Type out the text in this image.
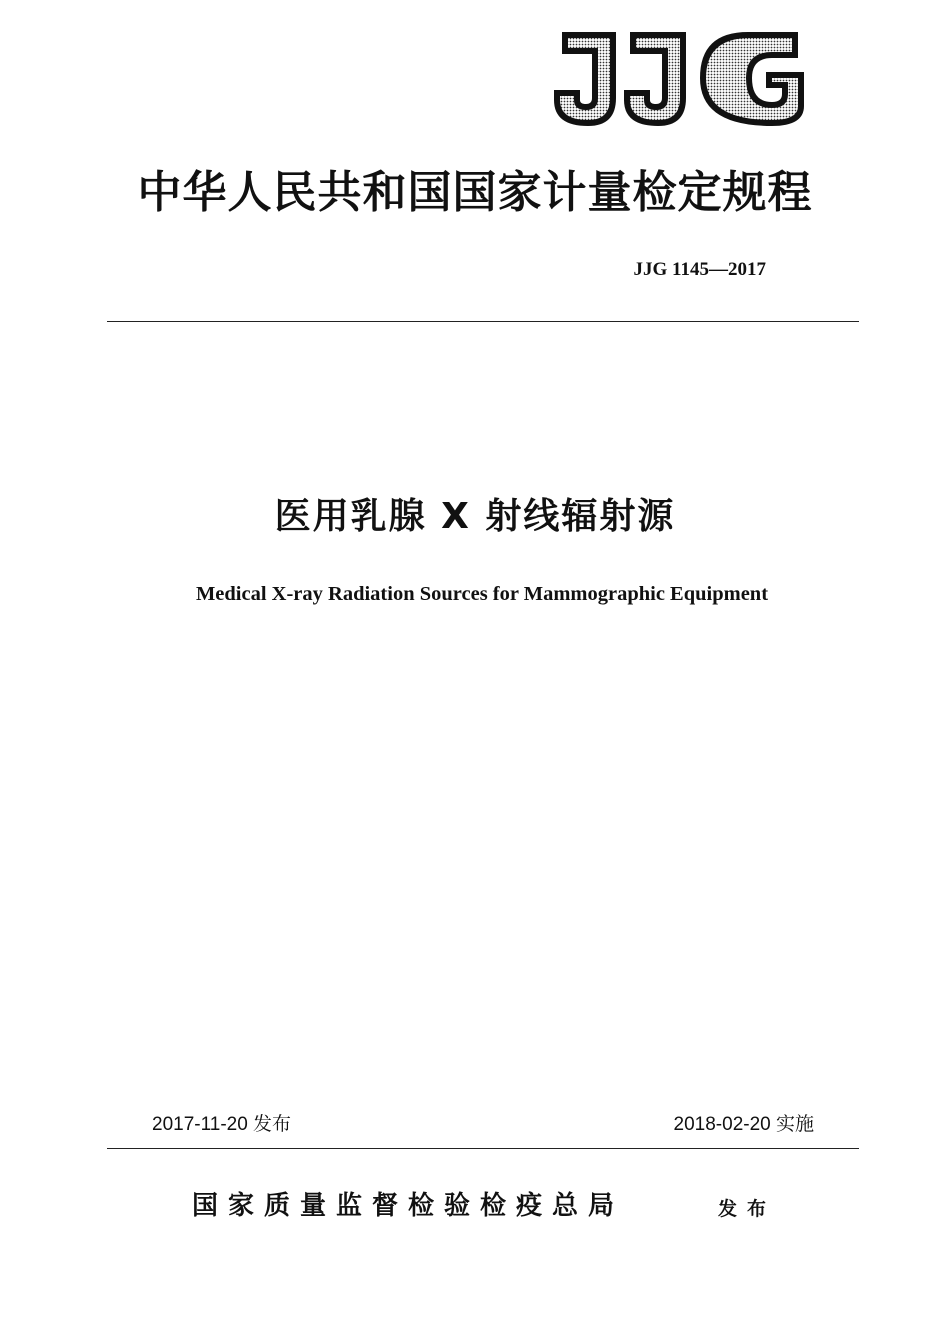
中华人民共和国国家计量检定规程
JJG 1145—2017
医用乳腺 X 射线辐射源
Medical X-ray Radiation Sources for Mammographic Equipment
2017-11-20 发布	2018-02-20 实施
国家质量监督检验检疫总局	发布
